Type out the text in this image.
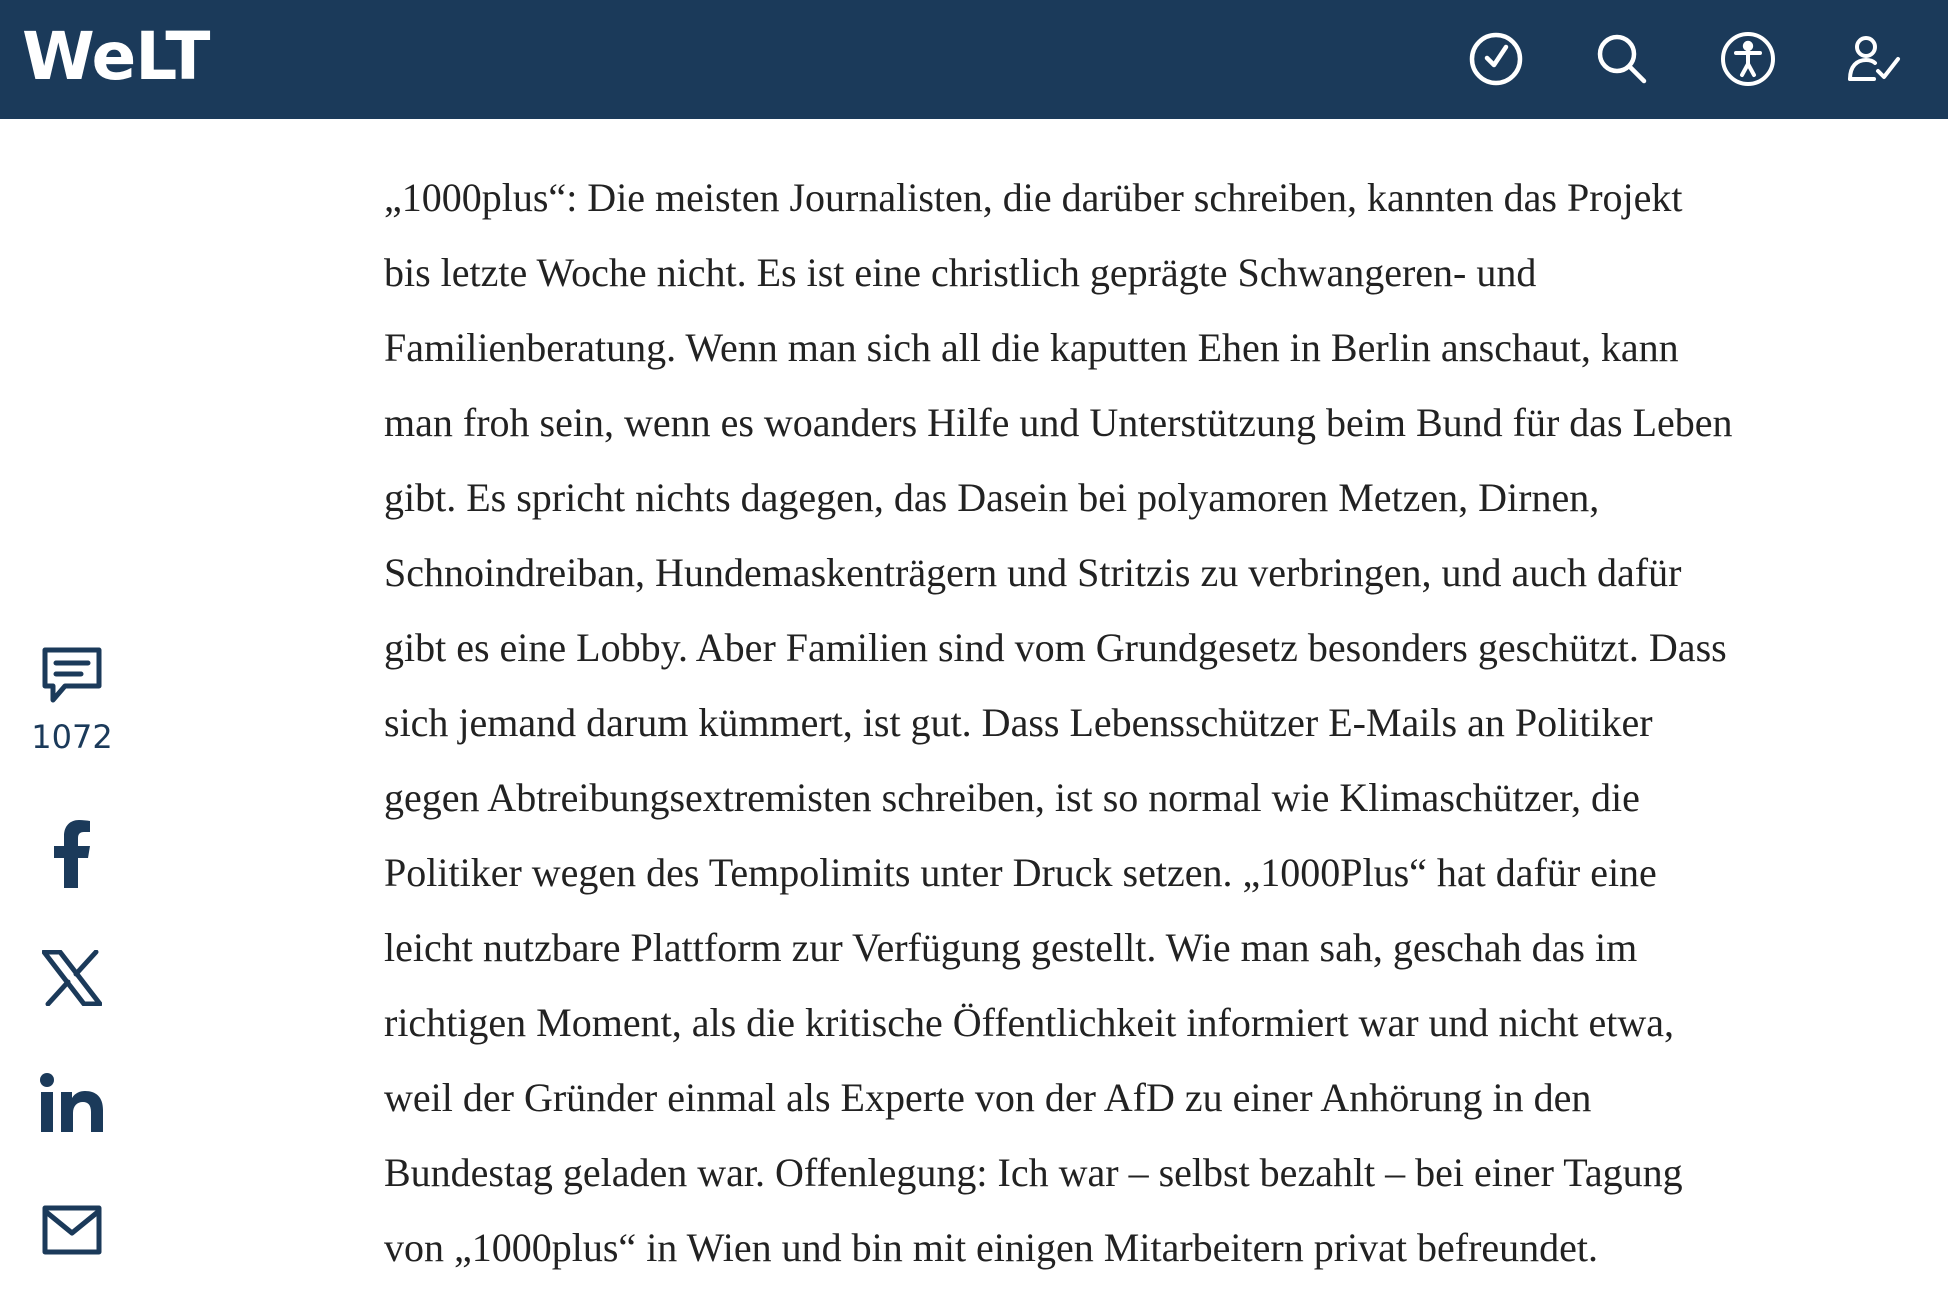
WeLT
1072

„1000plus“: Die meisten Journalisten, die darüber schreiben, kannten das Projekt
bis letzte Woche nicht. Es ist eine christlich geprägte Schwangeren- und
Familienberatung. Wenn man sich all die kaputten Ehen in Berlin anschaut, kann
man froh sein, wenn es woanders Hilfe und Unterstützung beim Bund für das Leben
gibt. Es spricht nichts dagegen, das Dasein bei polyamoren Metzen, Dirnen,
Schnoindreiban, Hundemaskenträgern und Stritzis zu verbringen, und auch dafür
gibt es eine Lobby. Aber Familien sind vom Grundgesetz besonders geschützt. Dass
sich jemand darum kümmert, ist gut. Dass Lebensschützer E-Mails an Politiker
gegen Abtreibungsextremisten schreiben, ist so normal wie Klimaschützer, die
Politiker wegen des Tempolimits unter Druck setzen. „1000Plus“ hat dafür eine
leicht nutzbare Plattform zur Verfügung gestellt. Wie man sah, geschah das im
richtigen Moment, als die kritische Öffentlichkeit informiert war und nicht etwa,
weil der Gründer einmal als Experte von der AfD zu einer Anhörung in den
Bundestag geladen war. Offenlegung: Ich war – selbst bezahlt – bei einer Tagung
von „1000plus“ in Wien und bin mit einigen Mitarbeitern privat befreundet.
